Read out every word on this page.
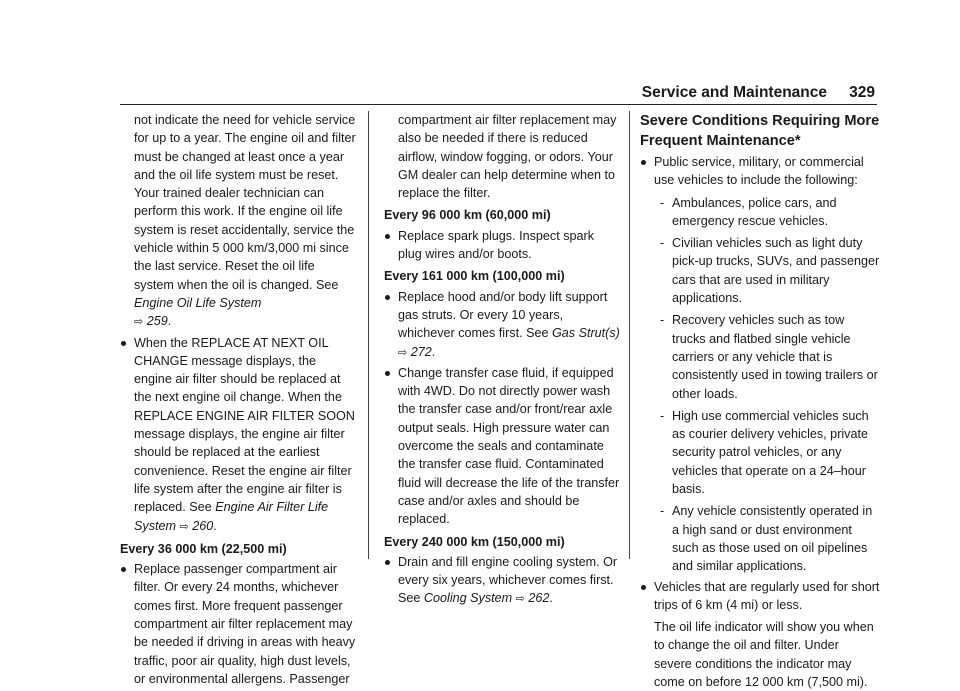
Service and Maintenance 329

not indicate the need for vehicle service for up to a year. The engine oil and filter must be changed at least once a year and the oil life system must be reset. Your trained dealer technician can perform this work. If the engine oil life system is reset accidentally, service the vehicle within 5 000 km/3,000 mi since the last service. Reset the oil life system when the oil is changed. See Engine Oil Life System
⇨ 259.

When the REPLACE AT NEXT OIL CHANGE message displays, the engine air filter should be replaced at the next engine oil change. When the REPLACE ENGINE AIR FILTER SOON message displays, the engine air filter should be replaced at the earliest convenience. Reset the engine air filter life system after the engine air filter is replaced. See Engine Air Filter Life System ⇨ 260.

Every 36 000 km (22,500 mi)

Replace passenger compartment air filter. Or every 24 months, whichever comes first. More frequent passenger compartment air filter replacement may be needed if driving in areas with heavy traffic, poor air quality, high dust levels, or environmental allergens. Passenger

compartment air filter replacement may also be needed if there is reduced airflow, window fogging, or odors. Your GM dealer can help determine when to replace the filter.

Every 96 000 km (60,000 mi)

Replace spark plugs. Inspect spark plug wires and/or boots.

Every 161 000 km (100,000 mi)

Replace hood and/or body lift support gas struts. Or every 10 years, whichever comes first. See Gas Strut(s) ⇨ 272.
Change transfer case fluid, if equipped with 4WD. Do not directly power wash the transfer case and/or front/rear axle output seals. High pressure water can overcome the seals and contaminate the transfer case fluid. Contaminated fluid will decrease the life of the transfer case and/or axles and should be replaced.

Every 240 000 km (150,000 mi)

Drain and fill engine cooling system. Or every six years, whichever comes first. See Cooling System ⇨ 262.

Severe Conditions Requiring More Frequent Maintenance*

Public service, military, or commercial use vehicles to include the following:
- Ambulances, police cars, and emergency rescue vehicles.
- Civilian vehicles such as light duty pick-up trucks, SUVs, and passenger cars that are used in military applications.
- Recovery vehicles such as tow trucks and flatbed single vehicle carriers or any vehicle that is consistently used in towing trailers or other loads.
- High use commercial vehicles such as courier delivery vehicles, private security patrol vehicles, or any vehicles that operate on a 24–hour basis.
- Any vehicle consistently operated in a high sand or dust environment such as those used on oil pipelines and similar applications.
Vehicles that are regularly used for short trips of 6 km (4 mi) or less.

The oil life indicator will show you when to change the oil and filter. Under severe conditions the indicator may come on before 12 000 km (7,500 mi).
